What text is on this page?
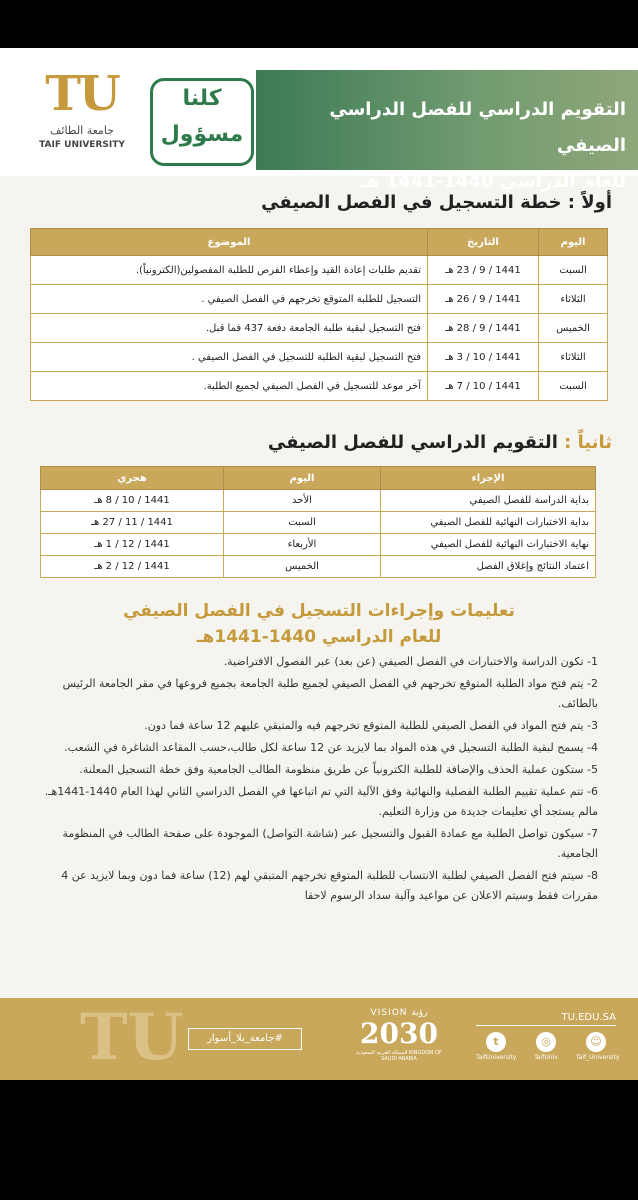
التقويم الدراسي للفصل الدراسي الصيفي
للعام الدراسي 1440-1441 هـ
كلنا
مسؤول
TU
جامعة الطائف
TAIF UNIVERSITY
أولاً : خطة التسجيل في الفصل الصيفي
اليوم	التاريخ	الموضوع
السبت	1441 / 9 / 23 هـ	تقديم طلبات إعادة القيد وإعطاء الفرص للطلبة المفصولين(الكترونياً).
الثلاثاء	1441 / 9 / 26 هـ	التسجيل للطلبة المتوقع تخرجهم في الفصل الصيفي .
الخميس	1441 / 9 / 28 هـ	فتح التسجيل لبقية طلبة الجامعة دفعة 437 فما قبل.
الثلاثاء	1441 / 10 / 3 هـ	فتح التسجيل لبقية الطلبة للتسجيل في الفصل الصيفي .
السبت	1441 / 10 / 7 هـ	آخر موعد للتسجيل في الفصل الصيفي لجميع الطلبة.
ثانياً : التقويم الدراسي للفصل الصيفي
الإجراء	اليوم	هجري
بداية الدراسة للفصل الصيفي	الأحد	1441 / 10 / 8 هـ
بداية الاختبارات النهائية للفصل الصيفي	السبت	1441 / 11 / 27 هـ
نهاية الاختبارات النهائية للفصل الصيفي	الأربعاء	1441 / 12 / 1 هـ
اعتماد النتائج وإغلاق الفصل	الخميس	1441 / 12 / 2 هـ
تعليمات وإجراءات التسجيل في الفصل الصيفي
للعام الدراسي 1440-1441هـ
1- تكون الدراسة والاختبارات في الفصل الصيفي (عن بعد) عبر الفصول الافتراضية.
2- يتم فتح مواد الطلبة المتوقع تخرجهم في الفصل الصيفي لجميع طلبة الجامعة بجميع فروعها في مقر الجامعة الرئيس بالطائف.
3- يتم فتح المواد في الفصل الصيفي للطلبة المتوقع تخرجهم فيه والمتبقي عليهم 12 ساعة فما دون.
4- يسمح لبقية الطلبة التسجيل في هذه المواد بما لايزيد عن 12 ساعة لكل طالب،حسب المقاعد الشاغرة في الشعب.
5- ستكون عملية الحذف والإضافة للطلبة الكترونياً عن طريق منظومة الطالب الجامعية وفق خطة التسجيل المعلنة.
6- تتم عملية تقييم الطلبة الفصلية والنهائية وفق الآلية التي تم اتباعها في الفصل الدراسي الثاني لهذا العام 1440-1441هـ. مالم يستجد أي تعليمات جديدة من وزارة التعليم.
7- سيكون تواصل الطلبة مع عمادة القبول والتسجيل عبر (شاشة التواصل) الموجودة على صفحة الطالب في المنظومة الجامعية.
8- سيتم فتح الفصل الصيفي لطلبة الانتساب للطلبة المتوقع تخرجهم المتبقي لهم (12) ساعة فما دون وبما لايزيد عن 4 مقررات فقط وسيتم الاعلان عن مواعيد وآلية سداد الرسوم لاحقا
TU	#جامعة_بلا_أسوار
VISION رؤية
2030
المملكة العربية السعودية KINGDOM OF SAUDI ARABIA
TU.EDU.SA
t
TaifUniversity
◎
TaifUniv
☺
Taif_University
